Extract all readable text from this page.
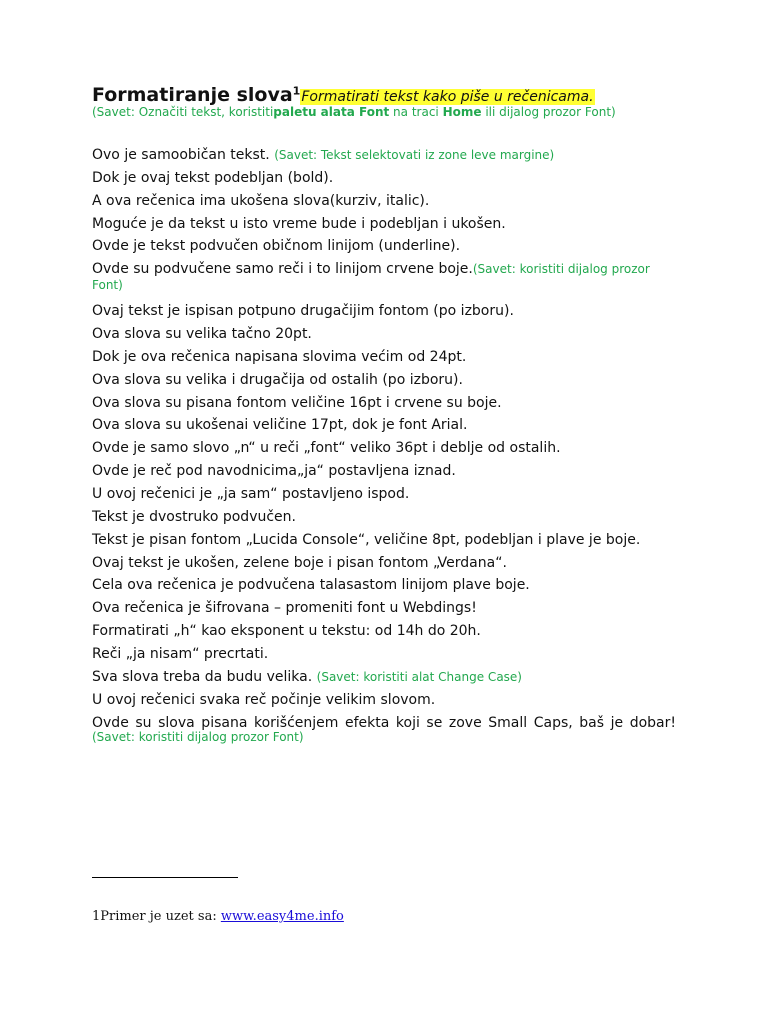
Formatiranje slova$^1$Formatirati tekst kako piše u rečenicama.
(Savet: Označiti tekst, koristitipaletu alata Font na traci Home ili dijalog prozor Font)
Ovo je samoobičan tekst. (Savet: Tekst selektovati iz zone leve margine)
Dok je ovaj tekst podebljan (bold).
A ova rečenica ima ukošena slova(kurziv, italic).
Moguće je da tekst u isto vreme bude i podebljan i ukošen.
Ovde je tekst podvučen običnom linijom (underline).
Ovde su podvučene samo reči i to linijom crvene boje.(Savet: koristiti dijalog prozor Font)
Ovaj tekst je ispisan potpuno drugačijim fontom (po izboru).
Ova slova su velika tačno 20pt.
Dok je ova rečenica napisana slovima većim od 24pt.
Ova slova su velika i drugačija od ostalih (po izboru).
Ova slova su pisana fontom veličine 16pt i crvene su boje.
Ova slova su ukošenai veličine 17pt, dok je font Arial.
Ovde je samo slovo „n“ u reči „font“ veliko 36pt i deblje od ostalih.
Ovde je reč pod navodnicima„ja“ postavljena iznad.
U ovoj rečenici je „ja sam“ postavljeno ispod.
Tekst je dvostruko podvučen.
Tekst je pisan fontom „Lucida Console“, veličine 8pt, podebljan i plave je boje.
Ovaj tekst je ukošen, zelene boje i pisan fontom „Verdana“.
Cela ova rečenica je podvučena talasastom linijom plave boje.
Ova rečenica je šifrovana – promeniti font u Webdings!
Formatirati „h“ kao eksponent u tekstu: od 14h do 20h.
Reči „ja nisam“ precrtati.
Sva slova treba da budu velika. (Savet: koristiti alat Change Case)
U ovoj rečenici svaka reč počinje velikim slovom.
Ovde su slova pisana korišćenjem efekta koji se zove Small Caps, baš je dobar!
(Savet: koristiti dijalog prozor Font)
1Primer je uzet sa: www.easy4me.info
